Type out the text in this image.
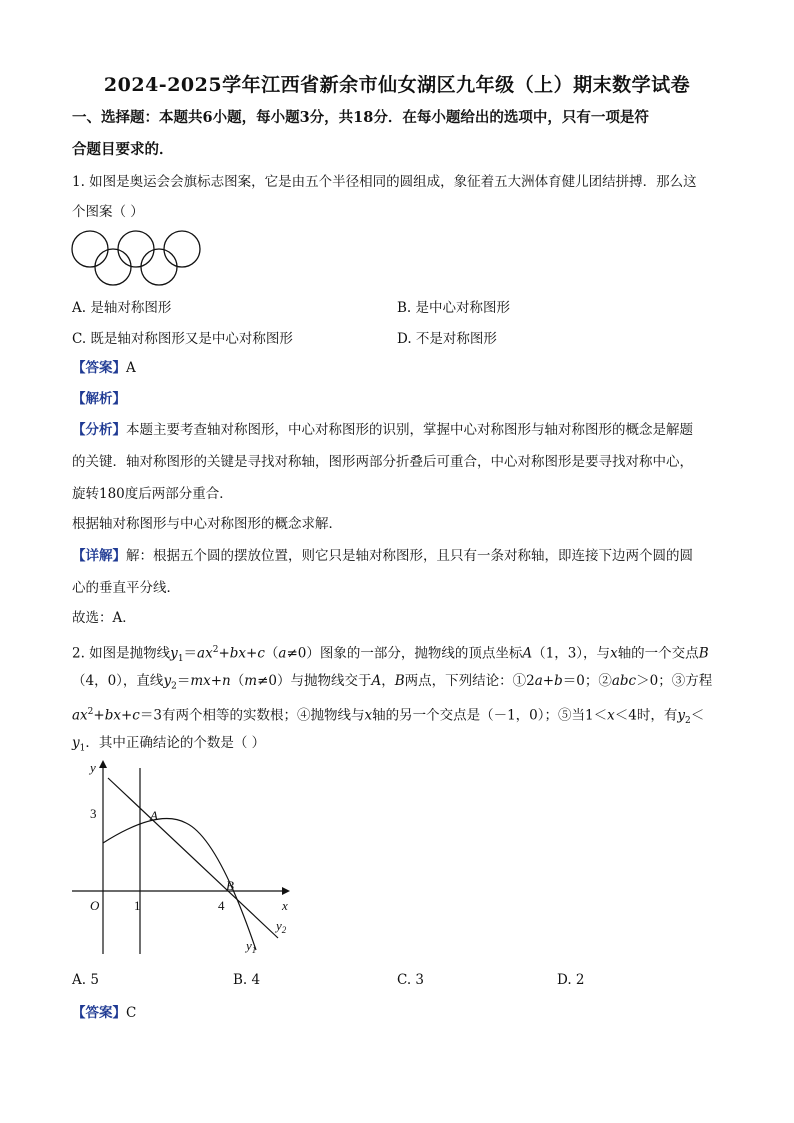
2024-2025学年江西省新余市仙女湖区九年级（上）期末数学试卷
一、选择题：本题共6小题，每小题3分，共18分．在每小题给出的选项中，只有一项是符
合题目要求的．
1. 如图是奥运会会旗标志图案，它是由五个半径相同的圆组成，象征着五大洲体育健儿团结拼搏．那么这
个图案（ ）
A. 是轴对称图形	B. 是中心对称图形
C. 既是轴对称图形又是中心对称图形	D. 不是对称图形
【答案】A
【解析】
【分析】本题主要考查轴对称图形，中心对称图形的识别，掌握中心对称图形与轴对称图形的概念是解题
的关键．轴对称图形的关键是寻找对称轴，图形两部分折叠后可重合，中心对称图形是要寻找对称中心，
旋转180度后两部分重合．
根据轴对称图形与中心对称图形的概念求解．
【详解】解：根据五个圆的摆放位置，则它只是轴对称图形，且只有一条对称轴，即连接下边两个圆的圆
心的垂直平分线．
故选：A．
2. 如图是抛物线$y_1=ax^2+bx+c(a\ne 0)$图象的一部分，抛物线的顶点坐标A（1，3），与x轴的一个交点B
（4，0），直线$y_2=mx+n(m\ne 0)$与抛物线交于A，B两点，下列结论：①2a+b＝0；②abc＞0；③方程
$ax^2+bx+c=3$有两个相等的实数根；④抛物线与x轴的另一个交点是（－1，0）；⑤当1＜x＜4时，有$y_2<$
$y_1$．其中正确结论的个数是（ ）
y
x
O	1	4
3	A
B
$y_1$
$y_2$
A. 5	B. 4	C. 3	D. 2
【答案】C
